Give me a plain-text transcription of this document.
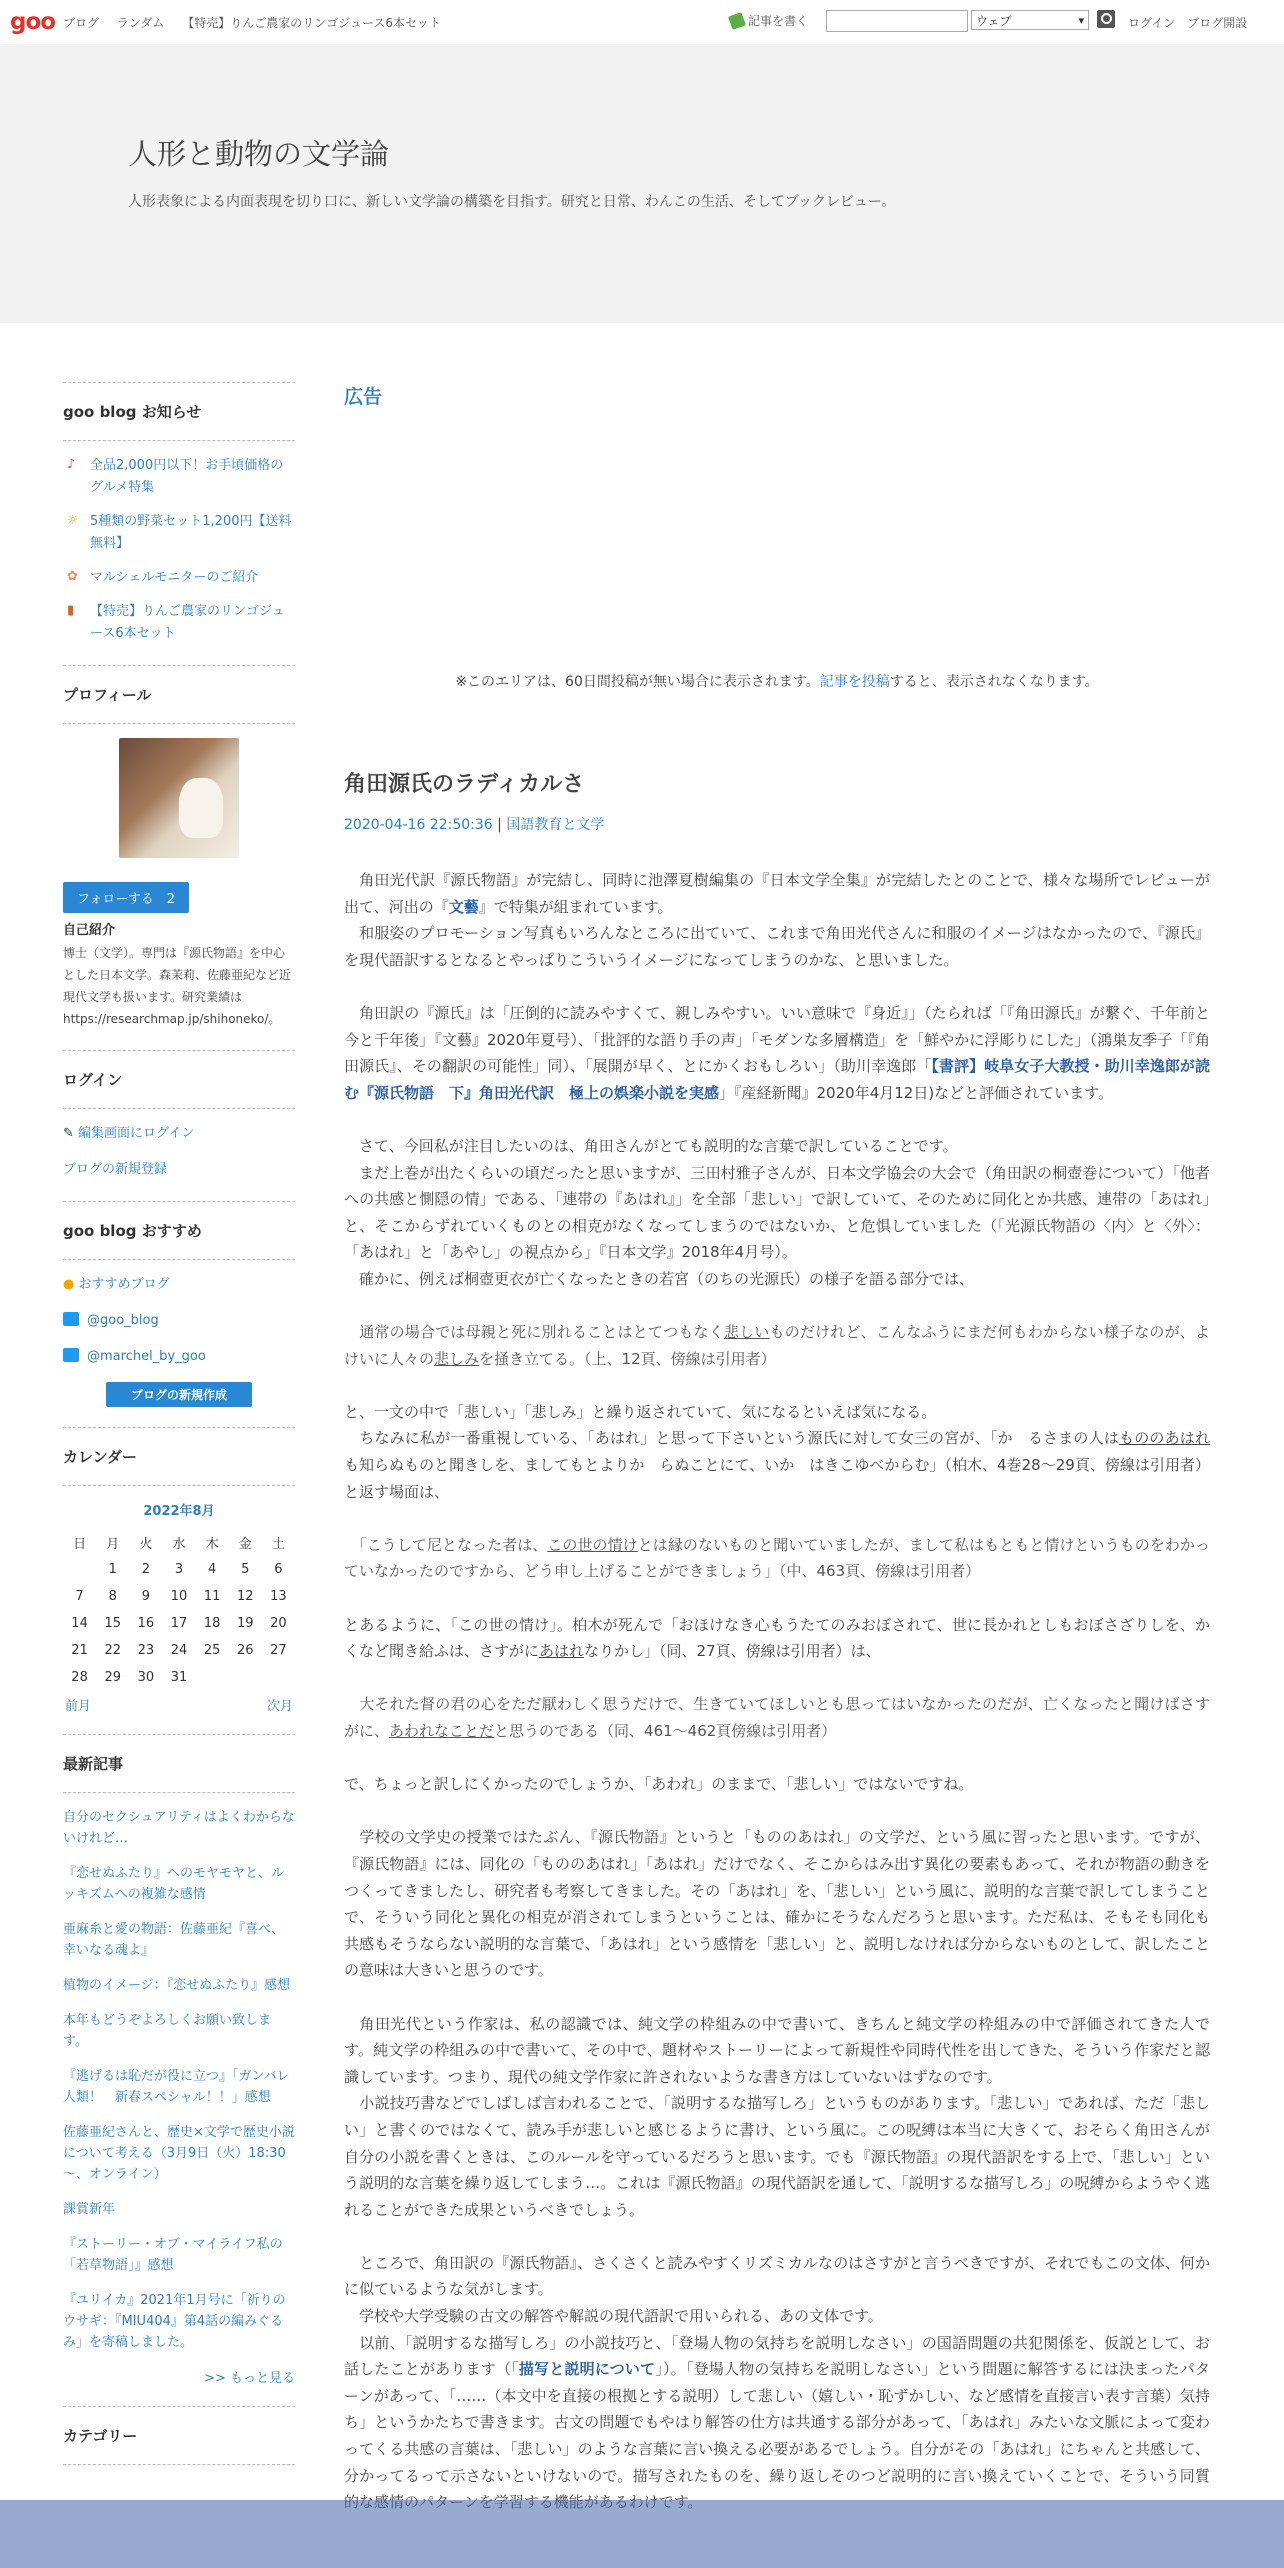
goo ブログ ランダム 【特売】りんご農家のリンゴジュース6本セット	記事を書く	ウェブ ▾	ログイン ブログ開設
人形と動物の文学論
人形表象による内面表現を切り口に、新しい文学論の構築を目指す。研究と日常、わんこの生活、そしてブックレビュー。
goo blog お知らせ
♪ 全品2,000円以下！お手頃価格のグルメ特集
☼ 5種類の野菜セット1,200円【送料無料】
✿ マルシェルモニターのご紹介
▮	【特売】りんご農家のリンゴジュース6本セット
プロフィール
フォローする　2
自己紹介
博士（文学）。専門は『源氏物語』を中心とした日本文学。森茉莉、佐藤亜紀など近現代文学も扱います。研究業績はhttps://researchmap.jp/shihoneko/。
ログイン
✎ 編集画面にログイン
ブログの新規登録
goo blog おすすめ
● おすすめブログ
@goo_blog
@marchel_by_goo
ブログの新規作成
カレンダー
2022年8月
日	月	火	水	木	金	土
	1	2	3	4	5	6
7	8	9	10	11	12	13
14	15	16	17	18	19	20
21	22	23	24	25	26	27
28	29	30	31			
前月	次月
最新記事
自分のセクシュアリティはよくわからないけれど…
『恋せぬふたり』へのモヤモヤと、ルッキズムへの複雑な感情
亜麻糸と愛の物語：佐藤亜紀『喜べ、幸いなる魂よ』
植物のイメージ：『恋せぬふたり』感想
本年もどうぞよろしくお願い致します。
『逃げるは恥だが役に立つ』「ガンバレ人類！　新春スペシャル！！」感想
佐藤亜紀さんと、歴史×文学で歴史小説について考える（3月9日（火）18:30～、オンライン）
課賞新年
『ストーリー・オブ・マイライフ私の「若草物語」』感想
『ユリイカ』2021年1月号に「祈りのウサギ：『MIU404』第4話の編みぐるみ」を寄稿しました。
>> もっと見る
カテゴリー
広告
※このエリアは、60日間投稿が無い場合に表示されます。記事を投稿すると、表示されなくなります。
角田源氏のラディカルさ
2020-04-16 22:50:36 | 国語教育と文学

　角田光代訳『源氏物語』が完結し、同時に池澤夏樹編集の『日本文学全集』が完結したとのことで、様々な場所でレビューが出て、河出の『文藝』で特集が組まれています。

　和服姿のプロモーション写真もいろんなところに出ていて、これまで角田光代さんに和服のイメージはなかったので、『源氏』を現代語訳するとなるとやっぱりこういうイメージになってしまうのかな、と思いました。

　角田訳の『源氏』は「圧倒的に読みやすくて、親しみやすい。いい意味で『身近』」（たられば「『角田源氏』が繋ぐ、千年前と今と千年後」『文藝』2020年夏号）、「批評的な語り手の声」「モダンな多層構造」を「鮮やかに浮彫りにした」（鴻巣友季子「『角田源氏』、その翻訳の可能性」同）、「展開が早く、とにかくおもしろい」（助川幸逸郎「【書評】岐阜女子大教授・助川幸逸郎が読む『源氏物語　下』角田光代訳　極上の娯楽小説を実感」『産経新聞』2020年4月12日)などと評価されています。

　さて、今回私が注目したいのは、角田さんがとても説明的な言葉で訳していることです。

　まだ上巻が出たくらいの頃だったと思いますが、三田村雅子さんが、日本文学協会の大会で（角田訳の桐壺巻について）「他者への共感と惻隠の情」である、「連帯の『あはれ』」を全部「悲しい」で訳していて、そのために同化とか共感、連帯の「あはれ」と、そこからずれていくものとの相克がなくなってしまうのではないか、と危惧していました（「光源氏物語の〈内〉と〈外〉：「あはれ」と「あやし」の視点から」『日本文学』2018年4月号）。

　確かに、例えば桐壺更衣が亡くなったときの若宮（のちの光源氏）の様子を語る部分では、

　通常の場合では母親と死に別れることはとてつもなく悲しいものだけれど、こんなふうにまだ何もわからない様子なのが、よけいに人々の悲しみを掻き立てる。（上、12頁、傍線は引用者）

と、一文の中で「悲しい」「悲しみ」と繰り返されていて、気になるといえば気になる。

　ちなみに私が一番重視している、「あはれ」と思って下さいという源氏に対して女三の宮が、「か　るさまの人はもののあはれも知らぬものと聞きしを、ましてもとよりか　らぬことにて、いか　はきこゆべからむ」（柏木、4巻28～29頁、傍線は引用者）と返す場面は、

　「こうして尼となった者は、この世の情けとは縁のないものと聞いていましたが、まして私はもともと情けというものをわかっていなかったのですから、どう申し上げることができましょう」（中、463頁、傍線は引用者）

とあるように、「この世の情け」。柏木が死んで「おほけなき心もうたてのみおぼされて、世に長かれとしもおぼさざりしを、かくなど聞き給ふは、さすがにあはれなりかし」（同、27頁、傍線は引用者）は、

　大それた督の君の心をただ厭わしく思うだけで、生きていてほしいとも思ってはいなかったのだが、亡くなったと聞けばさすがに、あわれなことだと思うのである（同、461～462頁傍線は引用者）

で、ちょっと訳しにくかったのでしょうか、「あわれ」のままで、「悲しい」ではないですね。

　学校の文学史の授業ではたぶん、『源氏物語』というと「もののあはれ」の文学だ、という風に習ったと思います。ですが、『源氏物語』には、同化の「もののあはれ」「あはれ」だけでなく、そこからはみ出す異化の要素もあって、それが物語の動きをつくってきましたし、研究者も考察してきました。その「あはれ」を、「悲しい」という風に、説明的な言葉で訳してしまうことで、そういう同化と異化の相克が消されてしまうということは、確かにそうなんだろうと思います。ただ私は、そもそも同化も共感もそうならない説明的な言葉で、「あはれ」という感情を「悲しい」と、説明しなければ分からないものとして、訳したことの意味は大きいと思うのです。

　角田光代という作家は、私の認識では、純文学の枠組みの中で書いて、きちんと純文学の枠組みの中で評価されてきた人です。純文学の枠組みの中で書いて、その中で、題材やストーリーによって新規性や同時代性を出してきた、そういう作家だと認識しています。つまり、現代の純文学作家に許されないような書き方はしていないはずなのです。

　小説技巧書などでしばしば言われることで、「説明するな描写しろ」というものがあります。「悲しい」であれば、ただ「悲しい」と書くのではなくて、読み手が悲しいと感じるように書け、という風に。この呪縛は本当に大きくて、おそらく角田さんが自分の小説を書くときは、このルールを守っているだろうと思います。でも『源氏物語』の現代語訳をする上で、「悲しい」という説明的な言葉を繰り返してしまう…。これは『源氏物語』の現代語訳を通して、「説明するな描写しろ」の呪縛からようやく逃れることができた成果というべきでしょう。

　ところで、角田訳の『源氏物語』、さくさくと読みやすくリズミカルなのはさすがと言うべきですが、それでもこの文体、何かに似ているような気がします。

　学校や大学受験の古文の解答や解説の現代語訳で用いられる、あの文体です。

　以前、「説明するな描写しろ」の小説技巧と、「登場人物の気持ちを説明しなさい」の国語問題の共犯関係を、仮説として、お話したことがあります（「描写と説明について」）。「登場人物の気持ちを説明しなさい」という問題に解答するには決まったパターンがあって、「……（本文中を直接の根拠とする説明）して悲しい（嬉しい・恥ずかしい、など感情を直接言い表す言葉）気持ち」というかたちで書きます。古文の問題でもやはり解答の仕方は共通する部分があって、「あはれ」みたいな文脈によって変わってくる共感の言葉は、「悲しい」のような言葉に言い換える必要があるでしょう。自分がその「あはれ」にちゃんと共感して、分かってるって示さないといけないので。描写されたものを、繰り返しそのつど説明的に言い換えていくことで、そういう同質
